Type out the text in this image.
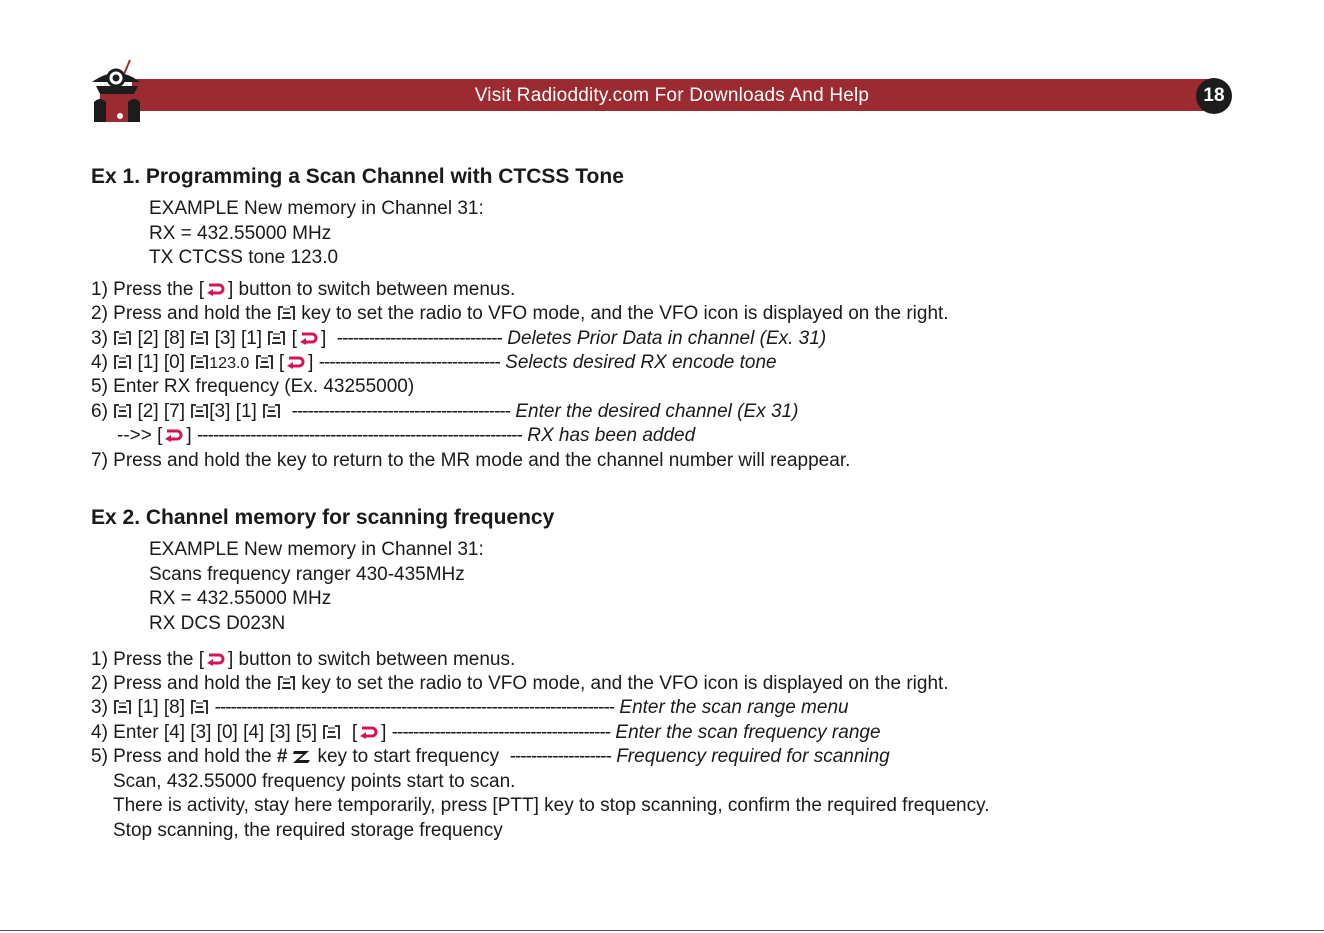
Visit Radioddity.com For Downloads And Help	18
Ex 1. Programming a Scan Channel with CTCSS Tone

EXAMPLE New memory in Channel 31:

RX = 432.55000 MHz

TX CTCSS tone 123.0

1) Press the [ ] button to switch between menus.

2) Press and hold the key to set the radio to VFO mode, and the VFO icon is displayed on the right.

3) [2] [8] [3] [1] [ ] ------------------------------- Deletes Prior Data in channel (Ex. 31)

4) [1] [0] 123.0 [ ] ---------------------------------- Selects desired RX encode tone

5) Enter RX frequency (Ex. 43255000)

6) [2] [7] [3] [1] ----------------------------------------- Enter the desired channel (Ex 31)

-->> [ ] ------------------------------------------------------------- RX has been added

7) Press and hold the key to return to the MR mode and the channel number will reappear.

Ex 2. Channel memory for scanning frequency

EXAMPLE New memory in Channel 31:

Scans frequency ranger 430-435MHz

RX = 432.55000 MHz

RX DCS D023N

1) Press the [ ] button to switch between menus.

2) Press and hold the key to set the radio to VFO mode, and the VFO icon is displayed on the right.

3) [1] [8] --------------------------------------------------------------------------- Enter the scan range menu

4) Enter [4] [3] [0] [4] [3] [5] [ ] ----------------------------------------- Enter the scan frequency range

5) Press and hold the # key to start frequency ------------------- Frequency required for scanning

Scan, 432.55000 frequency points start to scan.

There is activity, stay here temporarily, press [PTT] key to stop scanning, confirm the required frequency.

Stop scanning, the required storage frequency
